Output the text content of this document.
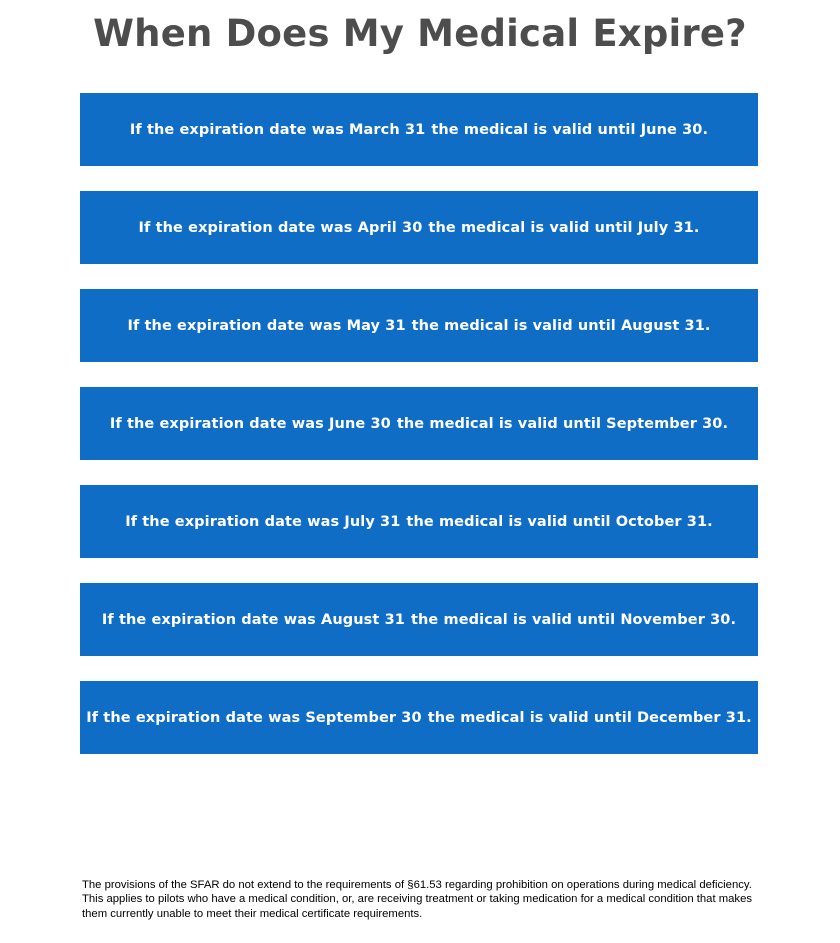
When Does My Medical Expire?
If the expiration date was March 31 the medical is valid until June 30.
If the expiration date was April 30 the medical is valid until July 31.
If the expiration date was May 31 the medical is valid until August 31.
If the expiration date was June 30 the medical is valid until September 30.
If the expiration date was July 31 the medical is valid until October 31.
If the expiration date was August 31 the medical is valid until November 30.
If the expiration date was September 30 the medical is valid until December 31.
The provisions of the SFAR do not extend to the requirements of §61.53 regarding prohibition on operations during medical deficiency. This applies to pilots who have a medical condition, or, are receiving treatment or taking medication for a medical condition that makes them currently unable to meet their medical certificate requirements.
